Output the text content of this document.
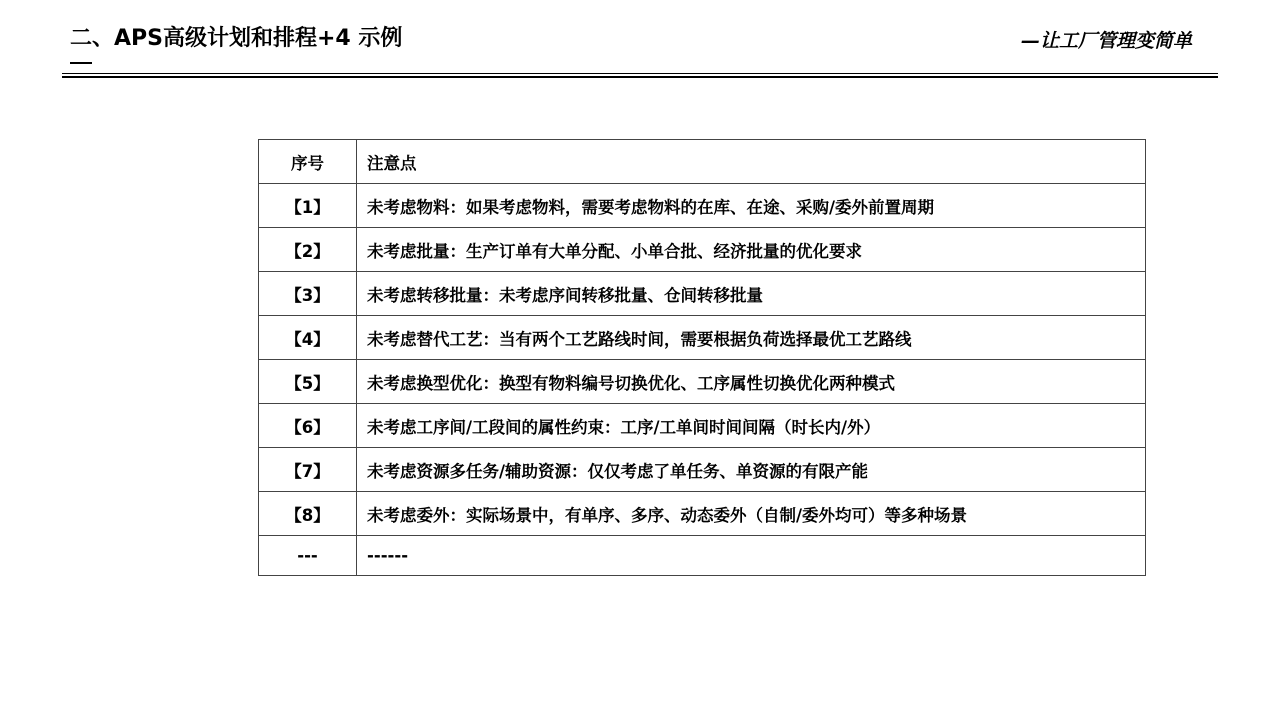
二、APS高级计划和排程+4 示例	—让工厂管理变简单
序号	注意点
【1】	未考虑物料：如果考虑物料，需要考虑物料的在库、在途、采购/委外前置周期
【2】	未考虑批量：生产订单有大单分配、小单合批、经济批量的优化要求
【3】	未考虑转移批量：未考虑序间转移批量、仓间转移批量
【4】	未考虑替代工艺：当有两个工艺路线时间，需要根据负荷选择最优工艺路线
【5】	未考虑换型优化：换型有物料编号切换优化、工序属性切换优化两种模式
【6】	未考虑工序间/工段间的属性约束：工序/工单间时间间隔（时长内/外）
【7】	未考虑资源多任务/辅助资源：仅仅考虑了单任务、单资源的有限产能
【8】	未考虑委外：实际场景中，有单序、多序、动态委外（自制/委外均可）等多种场景
---	------
